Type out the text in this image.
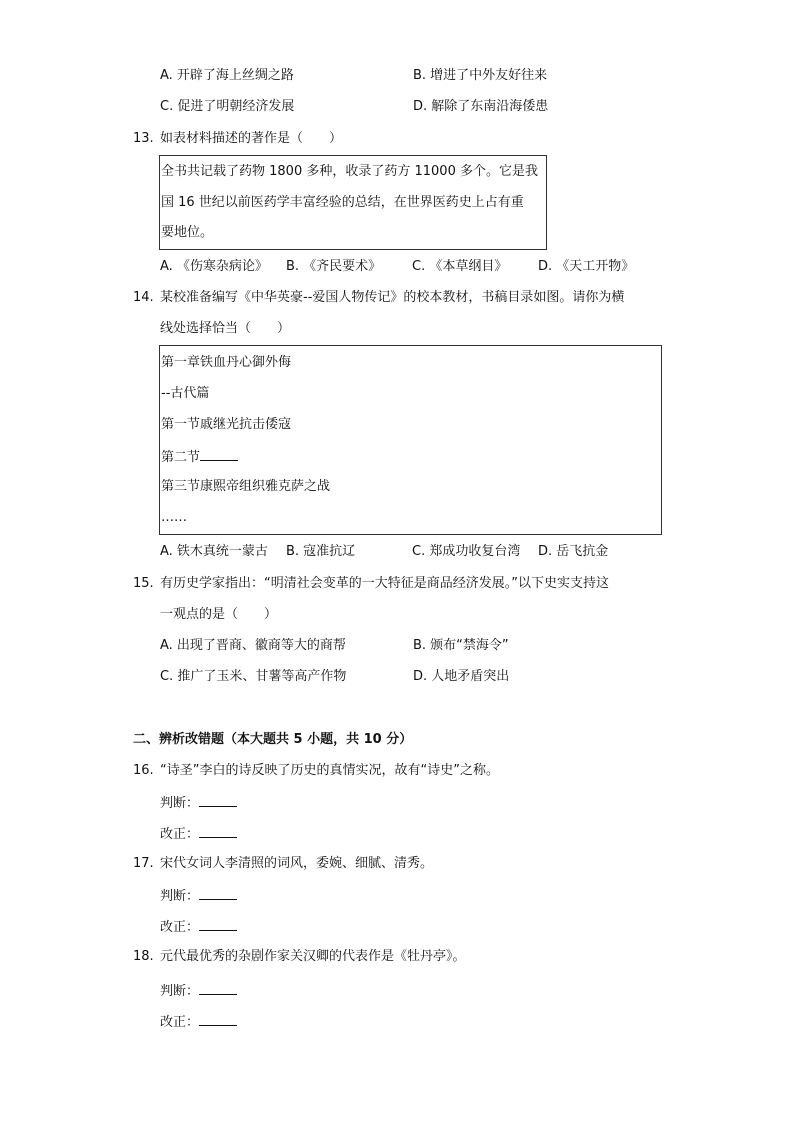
A. 开辟了海上丝绸之路	B. 增进了中外友好往来
C. 促进了明朝经济发展	D. 解除了东南沿海倭患
13. 如表材料描述的著作是（　　）
全书共记载了药物 1800 多种，收录了药方 11000 多个。它是我
国 16 世纪以前医药学丰富经验的总结，在世界医药史上占有重
要地位。
A. 《伤寒杂病论》 B. 《齐民要术》 C. 《本草纲目》 D. 《天工开物》
14. 某校准备编写《中华英豪--爱国人物传记》的校本教材，书稿目录如图。请你为横
线处选择恰当（　　）
第一章铁血丹心御外侮
--古代篇
第一节戚继光抗击倭寇
第二节
第三节康熙帝组织雅克萨之战
……
A. 铁木真统一蒙古 B. 寇准抗辽	C. 郑成功收复台湾 D. 岳飞抗金
15. 有历史学家指出：“明清社会变革的一大特征是商品经济发展。”以下史实支持这
一观点的是（　　）
A. 出现了晋商、徽商等大的商帮	B. 颁布“禁海令”
C. 推广了玉米、甘薯等高产作物	D. 人地矛盾突出
二、辨析改错题（本大题共 5 小题，共 10 分）
16. “诗圣”李白的诗反映了历史的真情实况，故有“诗史”之称。
判断：
改正：
17. 宋代女词人李清照的词风，委婉、细腻、清秀。
判断：
改正：
18. 元代最优秀的杂剧作家关汉卿的代表作是《牡丹亭》。
判断：
改正：
